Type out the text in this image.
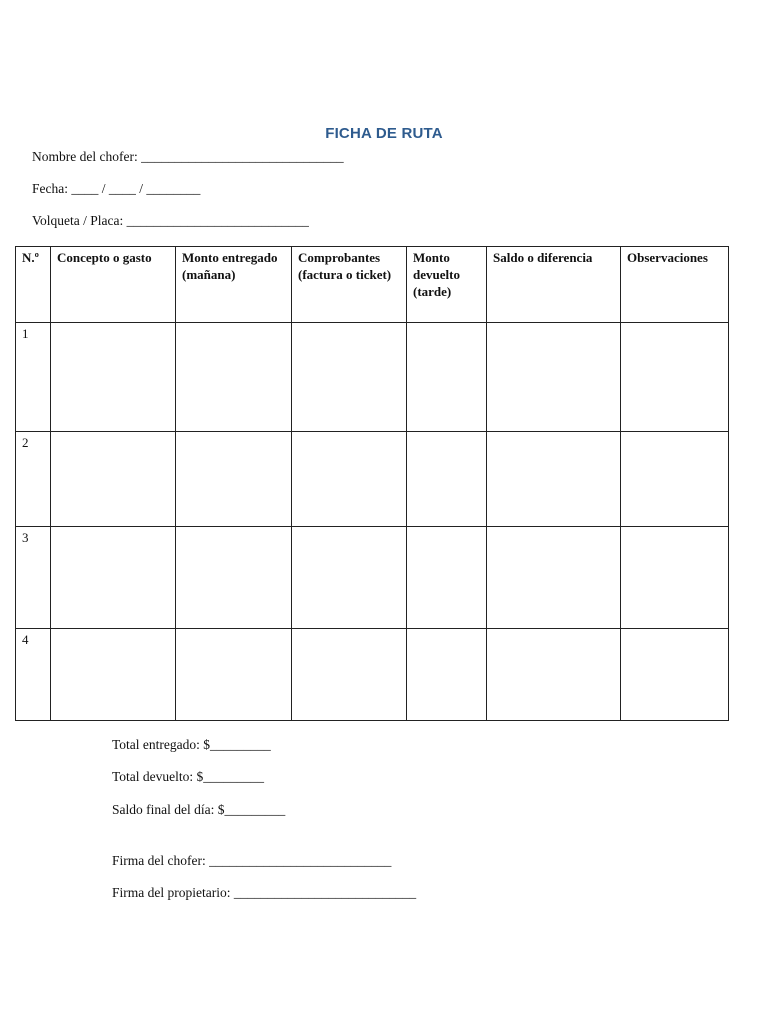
FICHA DE RUTA
Nombre del chofer: ______________________________
Fecha: ____ / ____ / ________
Volqueta / Placa: ___________________________
N.º	Concepto o gasto	Monto entregado (mañana)	Comprobantes (factura o ticket)	Monto devuelto (tarde)	Saldo o diferencia	Observaciones
1						
2						
3						
4						
Total entregado: $_________
Total devuelto: $_________
Saldo final del día: $_________
Firma del chofer: ___________________________
Firma del propietario: ___________________________
